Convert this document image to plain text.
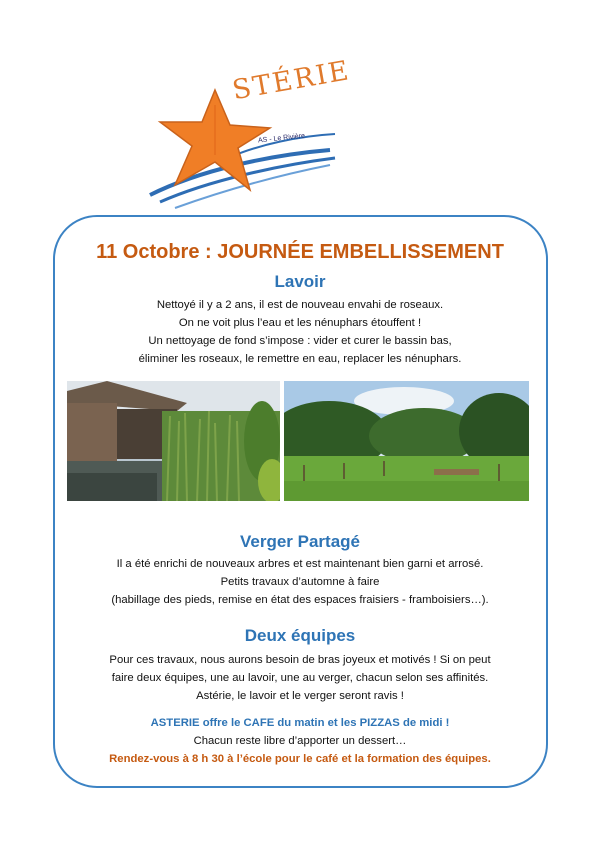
STÉRIE
AS - Le Rivière
11 Octobre : JOURNÉE EMBELLISSEMENT
Lavoir

Nettoyé il y a 2 ans, il est de nouveau envahi de roseaux.
On ne voit plus l’eau et les nénuphars étouffent !
Un nettoyage de fond s’impose : vider et curer le bassin bas,
éliminer les roseaux, le remettre en eau, replacer les nénuphars.

Verger Partagé

Il a été enrichi de nouveaux arbres et est maintenant bien garni et arrosé.
Petits travaux d’automne à faire
(habillage des pieds, remise en état des espaces fraisiers - framboisiers…).

Deux équipes

Pour ces travaux, nous aurons besoin de bras joyeux et motivés ! Si on peut
faire deux équipes, une au lavoir, une au verger, chacun selon ses affinités.
Astérie, le lavoir et le verger seront ravis !

ASTERIE offre le CAFE du matin et les PIZZAS de midi !
Chacun reste libre d’apporter un dessert…
Rendez-vous à 8 h 30 à l’école pour le café et la formation des équipes.
